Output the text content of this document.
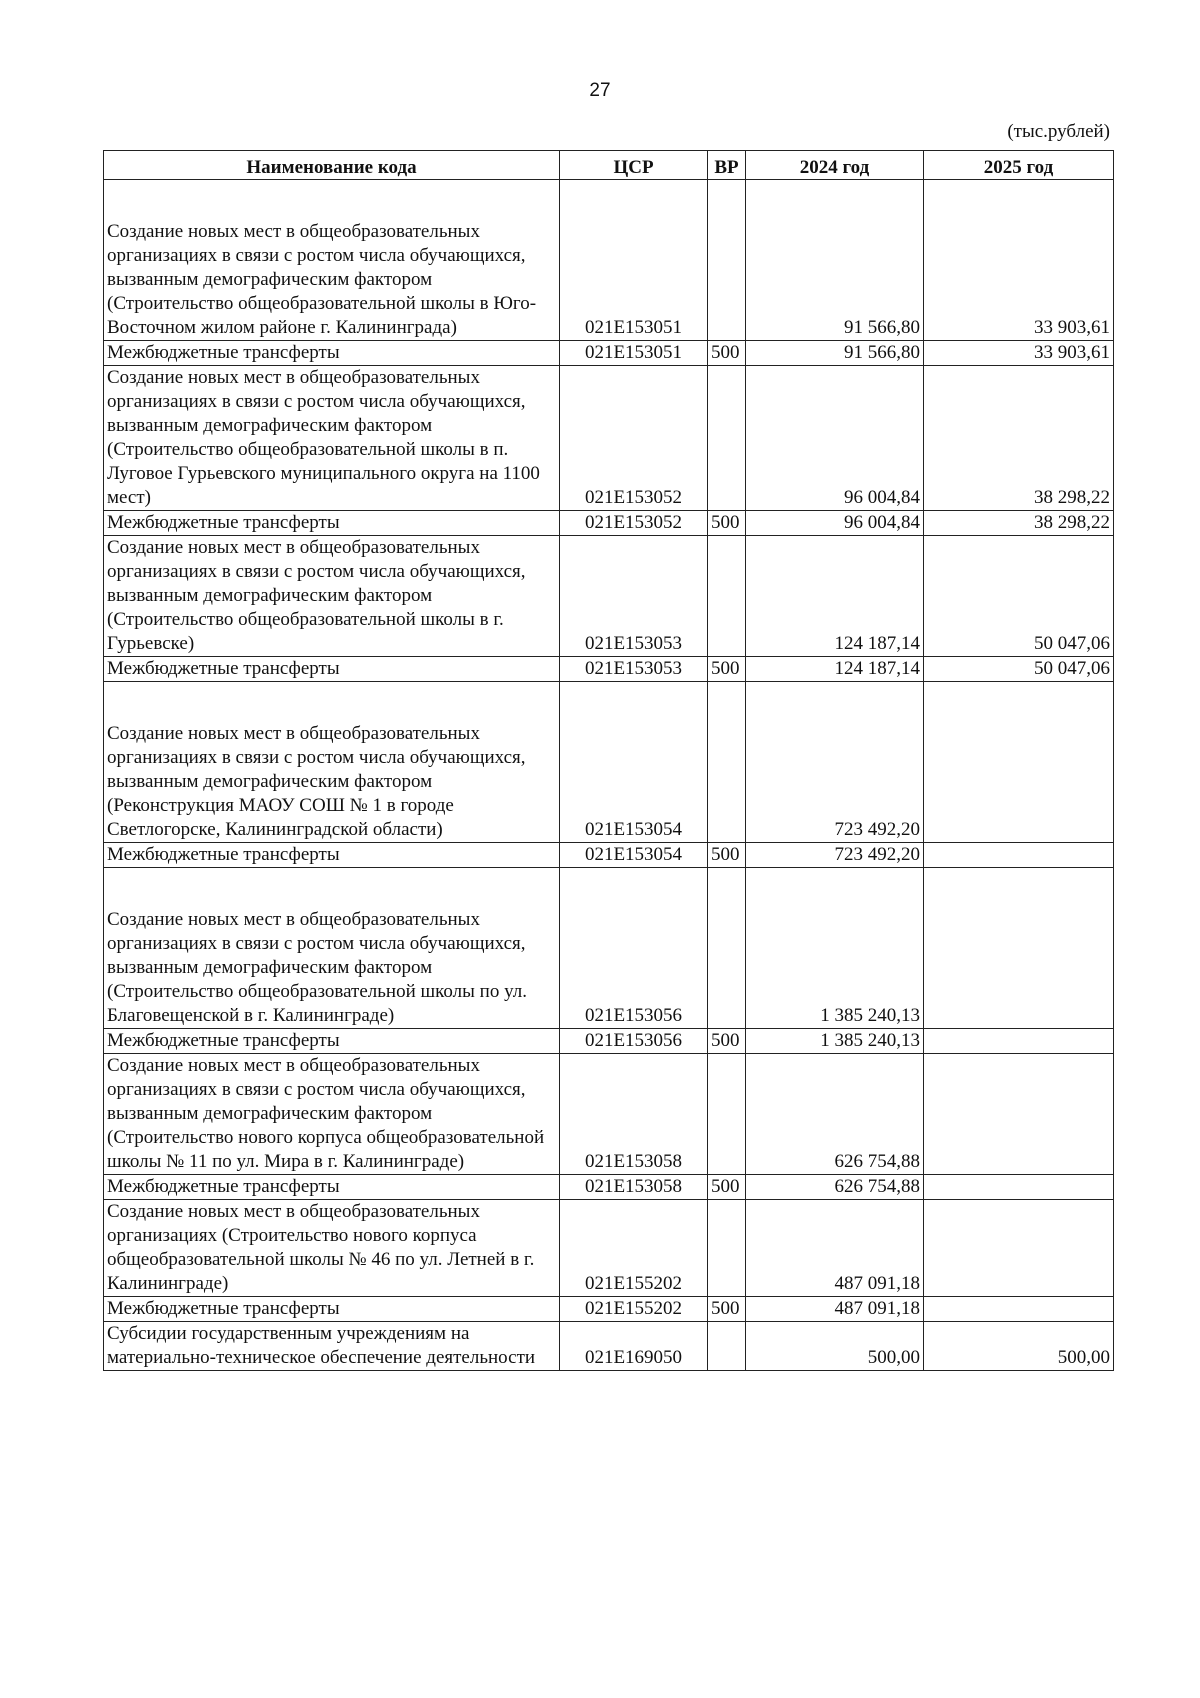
27
(тыс.рублей)
Наименование кода	ЦСР	ВР	2024 год	2025 год

Создание новых мест в общеобразовательных организациях в связи с ростом числа обучающихся, вызванным демографическим фактором (Строительство общеобразовательной школы в Юго-Восточном жилом районе г. Калининграда)	021E153051		91 566,80	33 903,61
Межбюджетные трансферты	021E153051	500	91 566,80	33 903,61
Создание новых мест в общеобразовательных организациях в связи с ростом числа обучающихся, вызванным демографическим фактором (Строительство общеобразовательной школы в п. Луговое Гурьевского муниципального округа на 1100 мест)	021E153052		96 004,84	38 298,22
Межбюджетные трансферты	021E153052	500	96 004,84	38 298,22
Создание новых мест в общеобразовательных организациях в связи с ростом числа обучающихся, вызванным демографическим фактором (Строительство общеобразовательной школы в г. Гурьевске)	021E153053		124 187,14	50 047,06
Межбюджетные трансферты	021E153053	500	124 187,14	50 047,06

Создание новых мест в общеобразовательных организациях в связи с ростом числа обучающихся, вызванным демографическим фактором (Реконструкция МАОУ СОШ № 1 в городе Светлогорске, Калининградской области)	021E153054		723 492,20	
Межбюджетные трансферты	021E153054	500	723 492,20	

Создание новых мест в общеобразовательных организациях в связи с ростом числа обучающихся, вызванным демографическим фактором (Строительство общеобразовательной школы по ул. Благовещенской в г. Калининграде)	021E153056		1 385 240,13	
Межбюджетные трансферты	021E153056	500	1 385 240,13	
Создание новых мест в общеобразовательных организациях в связи с ростом числа обучающихся, вызванным демографическим фактором (Строительство нового корпуса общеобразовательной школы № 11 по ул. Мира в г. Калининграде)	021E153058		626 754,88	
Межбюджетные трансферты	021E153058	500	626 754,88	
Создание новых мест в общеобразовательных организациях (Строительство нового корпуса общеобразовательной школы № 46 по ул. Летней в г. Калининграде)	021E155202		487 091,18	
Межбюджетные трансферты	021E155202	500	487 091,18	
Субсидии государственным учреждениям на материально-техническое обеспечение деятельности	021E169050		500,00	500,00
